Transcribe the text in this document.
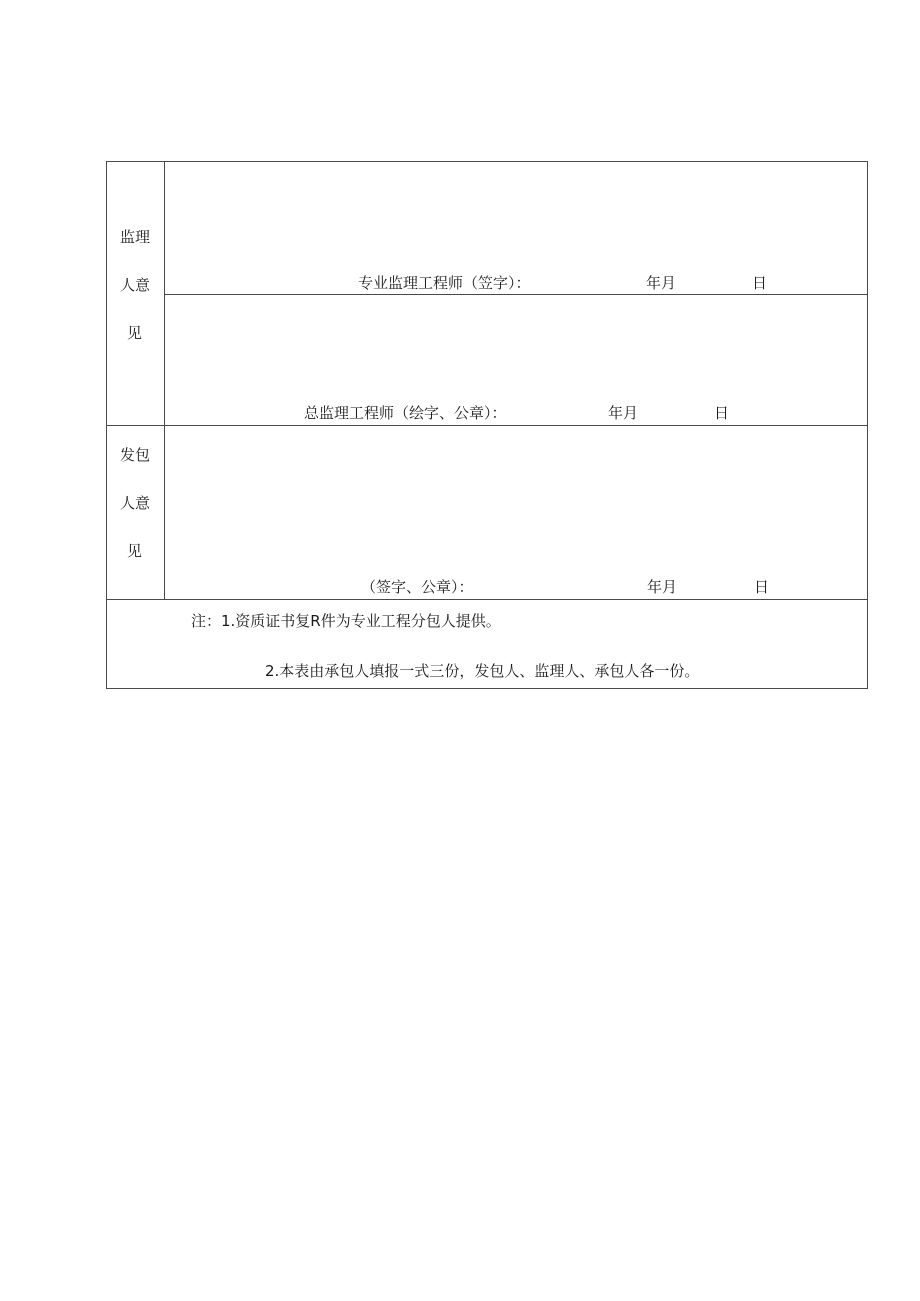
监理
人意
见
专业监理工程师（笠字）：	年月	日
总监理工程师（绘字、公章）：	年月	日
发包
人意
见
（签字、公章）：	年月	日
注：1.资质证书复R件为专业工程分包人提供。
2.本表由承包人填报一式三份，发包人、监理人、承包人各一份。
